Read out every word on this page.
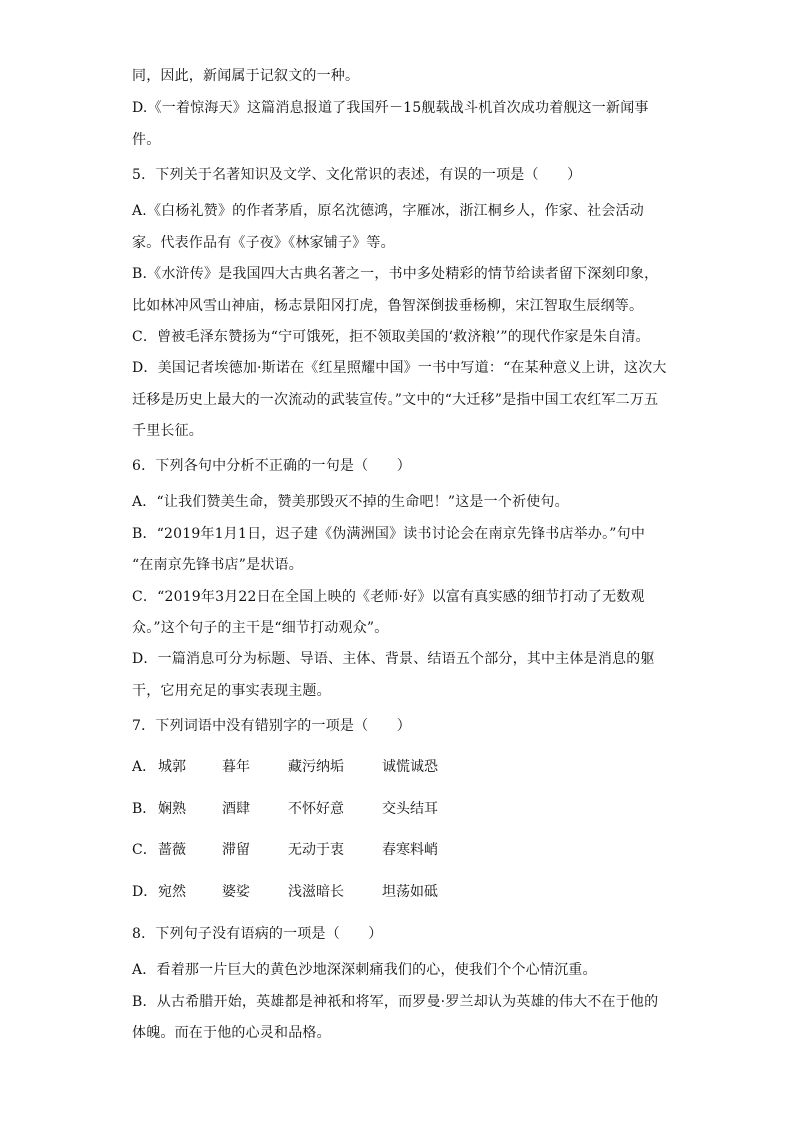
同，因此，新闻属于记叙文的一种。
D.《一着惊海天》这篇消息报道了我国歼－15舰载战斗机首次成功着舰这一新闻事
件。
5．下列关于名著知识及文学、文化常识的表述，有误的一项是（　　）
A.《白杨礼赞》的作者茅盾，原名沈德鸿，字雁冰，浙江桐乡人，作家、社会活动
家。代表作品有《子夜》《林家铺子》等。
B.《水浒传》是我国四大古典名著之一，书中多处精彩的情节给读者留下深刻印象，
比如林冲风雪山神庙，杨志景阳冈打虎，鲁智深倒拔垂杨柳，宋江智取生辰纲等。
C．曾被毛泽东赞扬为“宁可饿死，拒不领取美国的‘救济粮’”的现代作家是朱自清。
D．美国记者埃德加·斯诺在《红星照耀中国》一书中写道：“在某种意义上讲，这次大
迁移是历史上最大的一次流动的武装宣传。”文中的“大迁移”是指中国工农红军二万五
千里长征。
6．下列各句中分析不正确的一句是（　　）
A．“让我们赞美生命，赞美那毁灭不掉的生命吧！”这是一个祈使句。
B．“2019年1月1日，迟子建《伪满洲国》读书讨论会在南京先锋书店举办。”句中
“在南京先锋书店”是状语。
C．“2019年3月22日在全国上映的《老师·好》以富有真实感的细节打动了无数观
众。”这个句子的主干是“细节打动观众”。
D．一篇消息可分为标题、导语、主体、背景、结语五个部分，其中主体是消息的躯
干，它用充足的事实表现主题。
7．下列词语中没有错别字的一项是（　　）
A． 城郭	暮年	藏污纳垢	诚慌诚恐
B． 娴熟	酒肆	不怀好意	交头结耳
C． 蔷薇	滞留	无动于衷	春寒料峭
D． 宛然	婆娑	浅滋暗长	坦荡如砥
8．下列句子没有语病的一项是（　　）
A．看着那一片巨大的黄色沙地深深刺痛我们的心，使我们个个心情沉重。
B．从古希腊开始，英雄都是神祇和将军，而罗曼·罗兰却认为英雄的伟大不在于他的
体魄。而在于他的心灵和品格。
